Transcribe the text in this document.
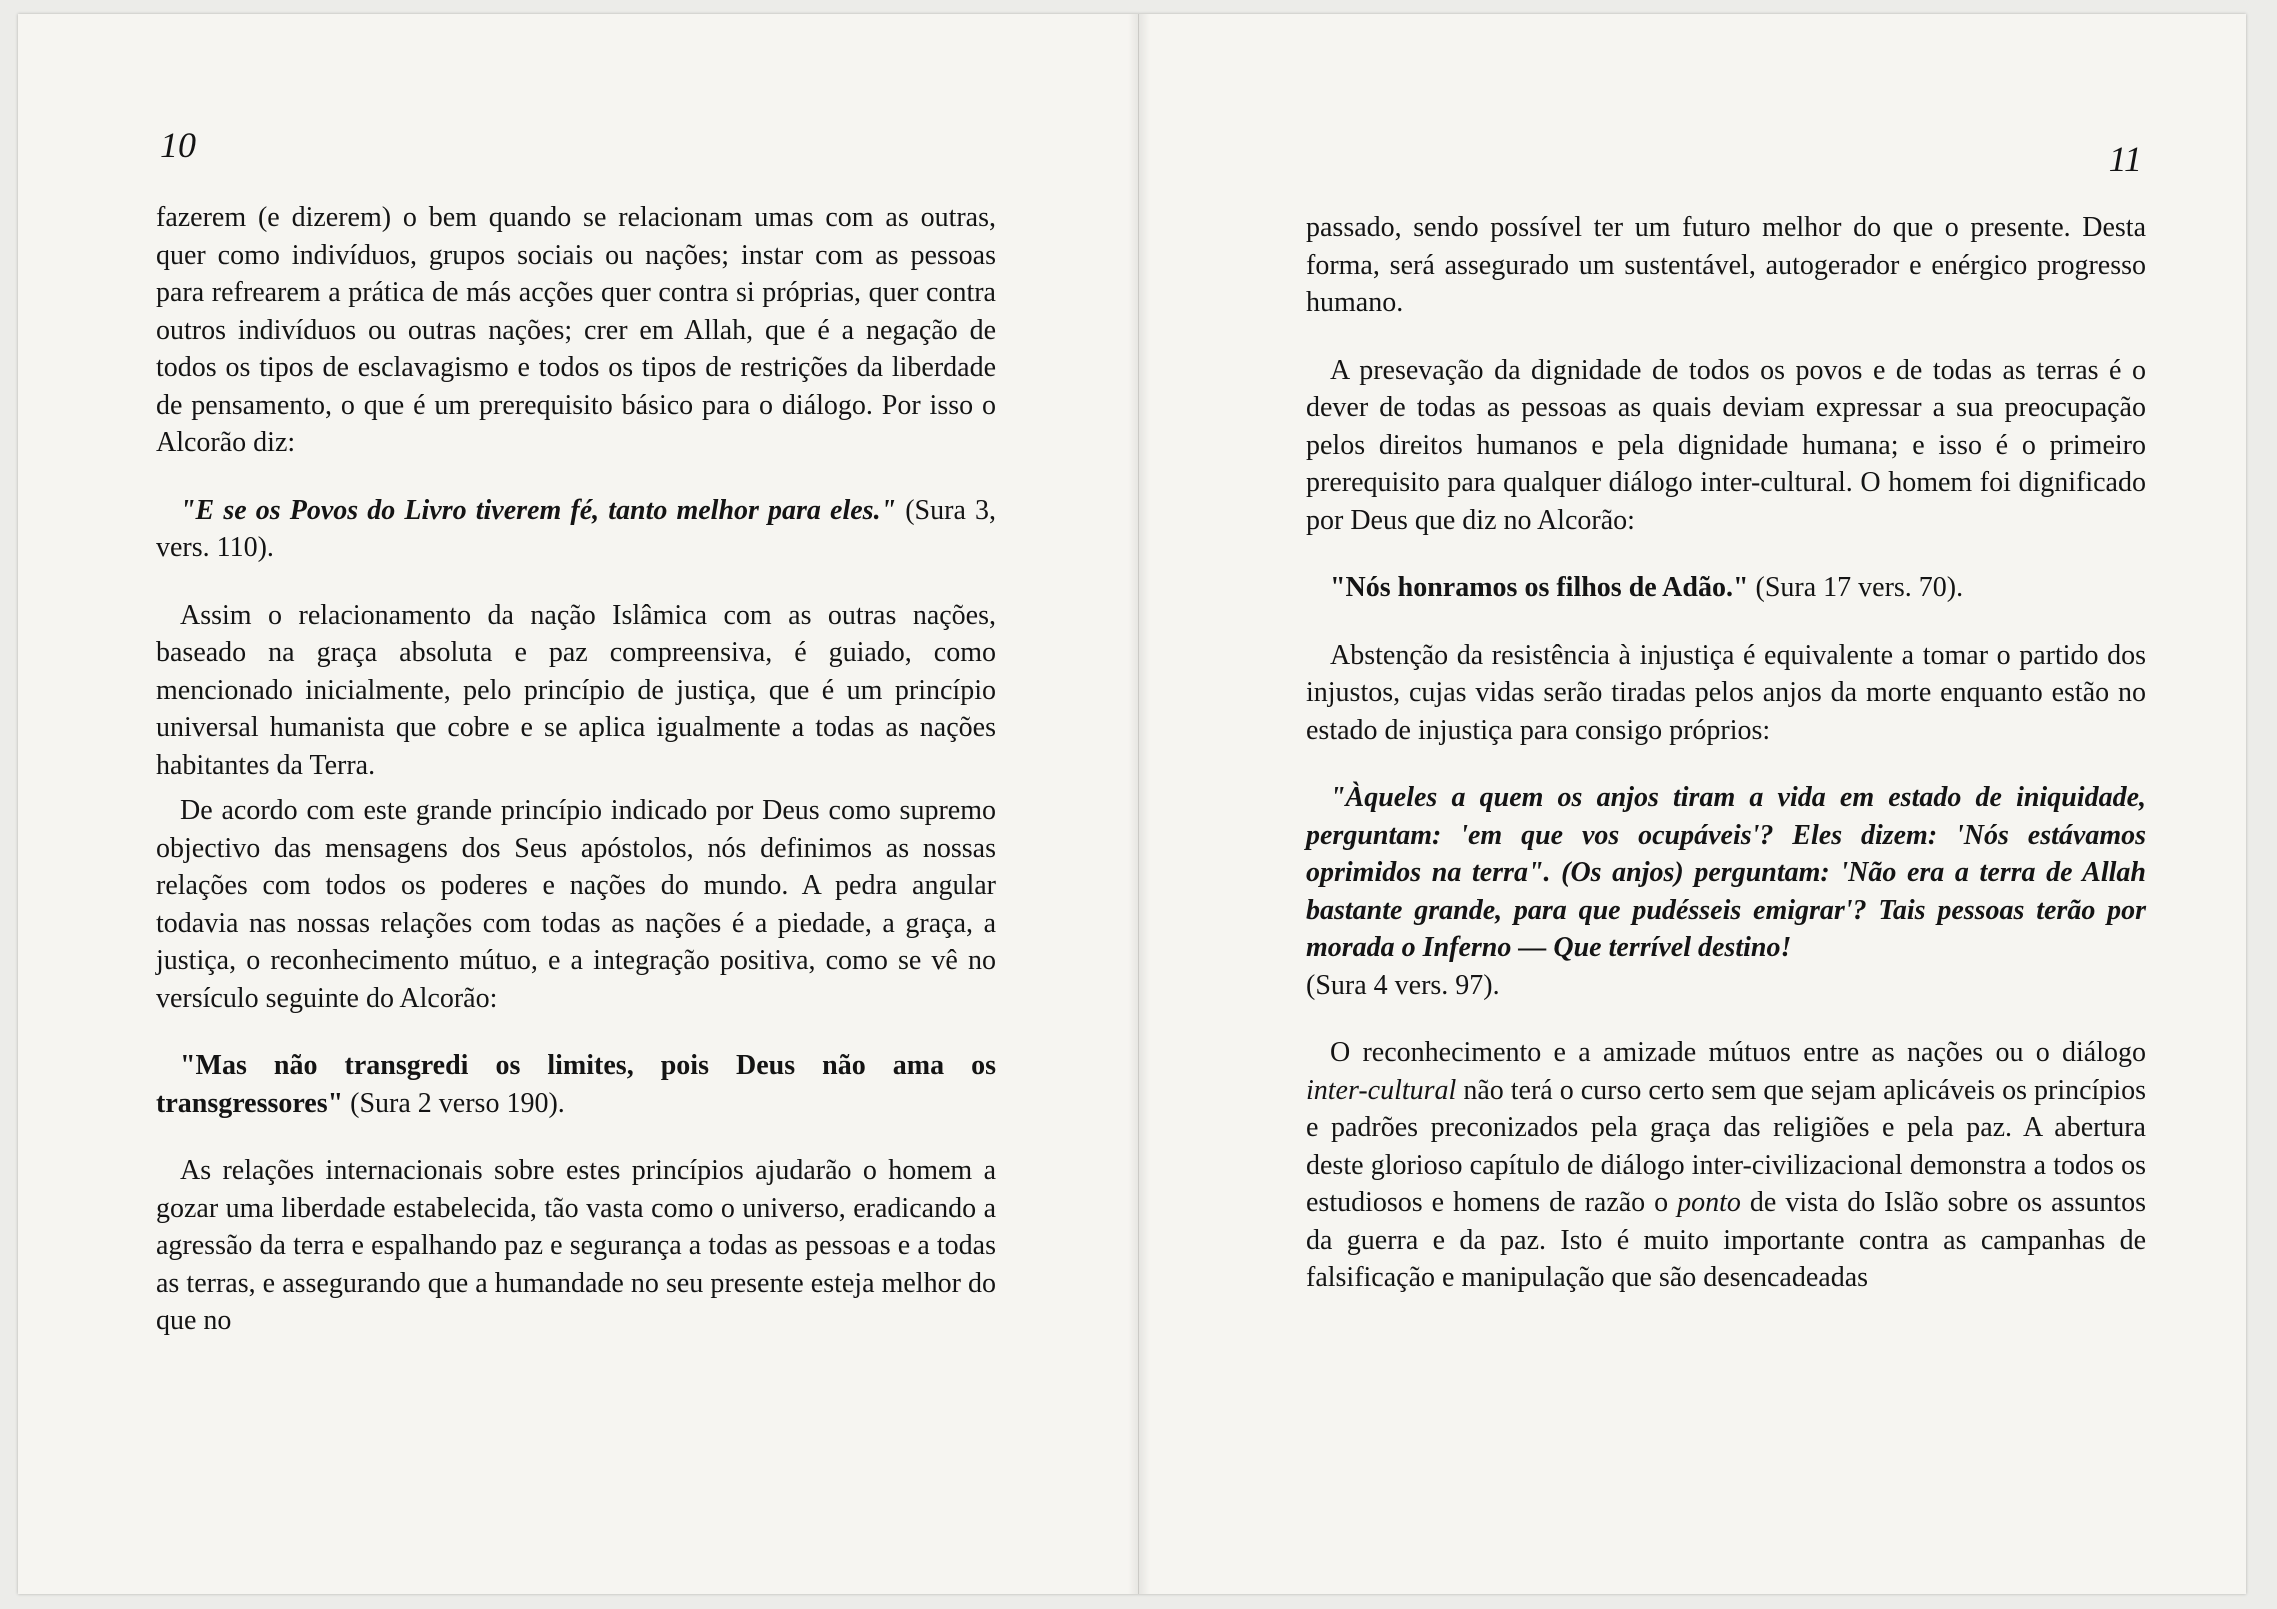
10

fazerem (e dizerem) o bem quando se relacionam umas com as outras, quer como indivíduos, grupos sociais ou nações; instar com as pessoas para refrearem a prática de más acções quer contra si próprias, quer contra outros indivíduos ou outras nações; crer em Allah, que é a negação de todos os tipos de esclavagismo e todos os tipos de restrições da liberdade de pensamento, o que é um prerequisito básico para o diálogo. Por isso o Alcorão diz:

"E se os Povos do Livro tiverem fé, tanto melhor para eles." (Sura 3, vers. 110).

Assim o relacionamento da nação Islâmica com as outras nações, baseado na graça absoluta e paz compreensiva, é guiado, como mencionado inicialmente, pelo princípio de justiça, que é um princípio universal humanista que cobre e se aplica igualmente a todas as nações habitantes da Terra.

De acordo com este grande princípio indicado por Deus como supremo objectivo das mensagens dos Seus apóstolos, nós definimos as nossas relações com todos os poderes e nações do mundo. A pedra angular todavia nas nossas relações com todas as nações é a piedade, a graça, a justiça, o reconhecimento mútuo, e a integração positiva, como se vê no versículo seguinte do Alcorão:

"Mas não transgredi os limites, pois Deus não ama os transgressores" (Sura 2 verso 190).

As relações internacionais sobre estes princípios ajudarão o homem a gozar uma liberdade estabelecida, tão vasta como o universo, eradicando a agressão da terra e espalhando paz e segurança a todas as pessoas e a todas as terras, e assegurando que a humandade no seu presente esteja melhor do que no

11

passado, sendo possível ter um futuro melhor do que o presente. Desta forma, será assegurado um sustentável, autogerador e enérgico progresso humano.

A presevação da dignidade de todos os povos e de todas as terras é o dever de todas as pessoas as quais deviam expressar a sua preocupação pelos direitos humanos e pela dignidade humana; e isso é o primeiro prerequisito para qualquer diálogo inter-cultural. O homem foi dignificado por Deus que diz no Alcorão:

"Nós honramos os filhos de Adão." (Sura 17 vers. 70).

Abstenção da resistência à injustiça é equivalente a tomar o partido dos injustos, cujas vidas serão tiradas pelos anjos da morte enquanto estão no estado de injustiça para consigo próprios:

"Àqueles a quem os anjos tiram a vida em estado de iniquidade, perguntam: 'em que vos ocupáveis'? Eles dizem: 'Nós estávamos oprimidos na terra". (Os anjos) perguntam: 'Não era a terra de Allah bastante grande, para que pudésseis emigrar'? Tais pessoas terão por morada o Inferno — Que terrível destino!
(Sura 4 vers. 97).

O reconhecimento e a amizade mútuos entre as nações ou o diálogo inter-cultural não terá o curso certo sem que sejam aplicáveis os princípios e padrões preconizados pela graça das religiões e pela paz. A abertura deste glorioso capítulo de diálogo inter-civilizacional demonstra a todos os estudiosos e homens de razão o ponto de vista do Islão sobre os assuntos da guerra e da paz. Isto é muito importante contra as campanhas de falsificação e manipulação que são desencadeadas
